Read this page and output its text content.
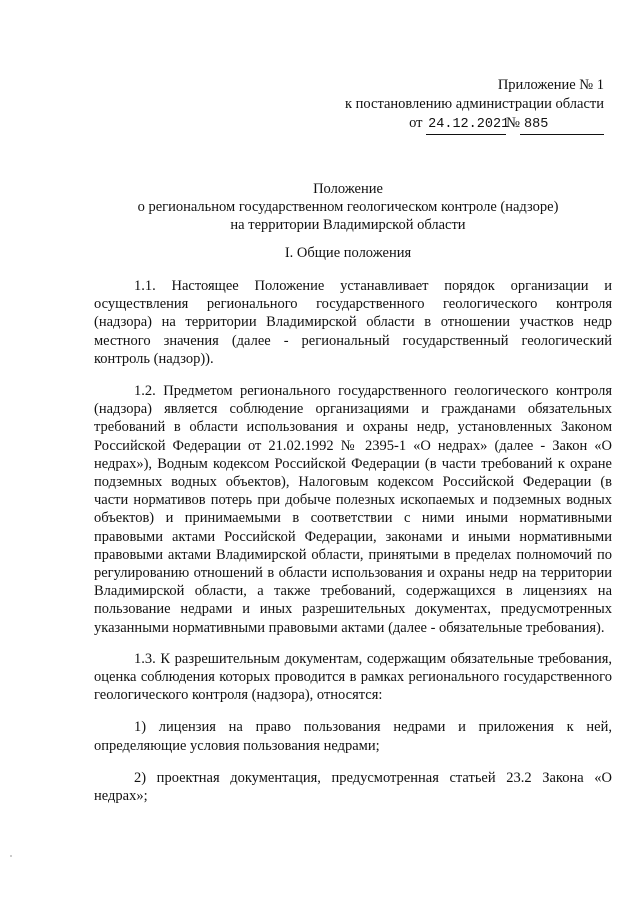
Приложение № 1
к постановлению администрации области
от 24.12.2021№ 885
Положение
о региональном государственном геологическом контроле (надзоре)
на территории Владимирской области
I. Общие положения

1.1. Настоящее Положение устанавливает порядок организации и осуществления регионального государственного геологического контроля (надзора) на территории Владимирской области в отношении участков недр местного значения (далее - региональный государственный геологический контроль (надзор)).

1.2. Предметом регионального государственного геологического контроля (надзора) является соблюдение организациями и гражданами обязательных требований в области использования и охраны недр, установленных Законом Российской Федерации от 21.02.1992 № 2395-1 «О недрах» (далее - Закон «О недрах»), Водным кодексом Российской Федерации (в части требований к охране подземных водных объектов), Налоговым кодексом Российской Федерации (в части нормативов потерь при добыче полезных ископаемых и подземных водных объектов) и принимаемыми в соответствии с ними иными нормативными правовыми актами Российской Федерации, законами и иными нормативными правовыми актами Владимирской области, принятыми в пределах полномочий по регулированию отношений в области использования и охраны недр на территории Владимирской области, а также требований, содержащихся в лицензиях на пользование недрами и иных разрешительных документах, предусмотренных указанными нормативными правовыми актами (далее - обязательные требования).

1.3. К разрешительным документам, содержащим обязательные требования, оценка соблюдения которых проводится в рамках регионального государственного геологического контроля (надзора), относятся:

1) лицензия на право пользования недрами и приложения к ней, определяющие условия пользования недрами;

2) проектная документация, предусмотренная статьей 23.2 Закона «О недрах»;
